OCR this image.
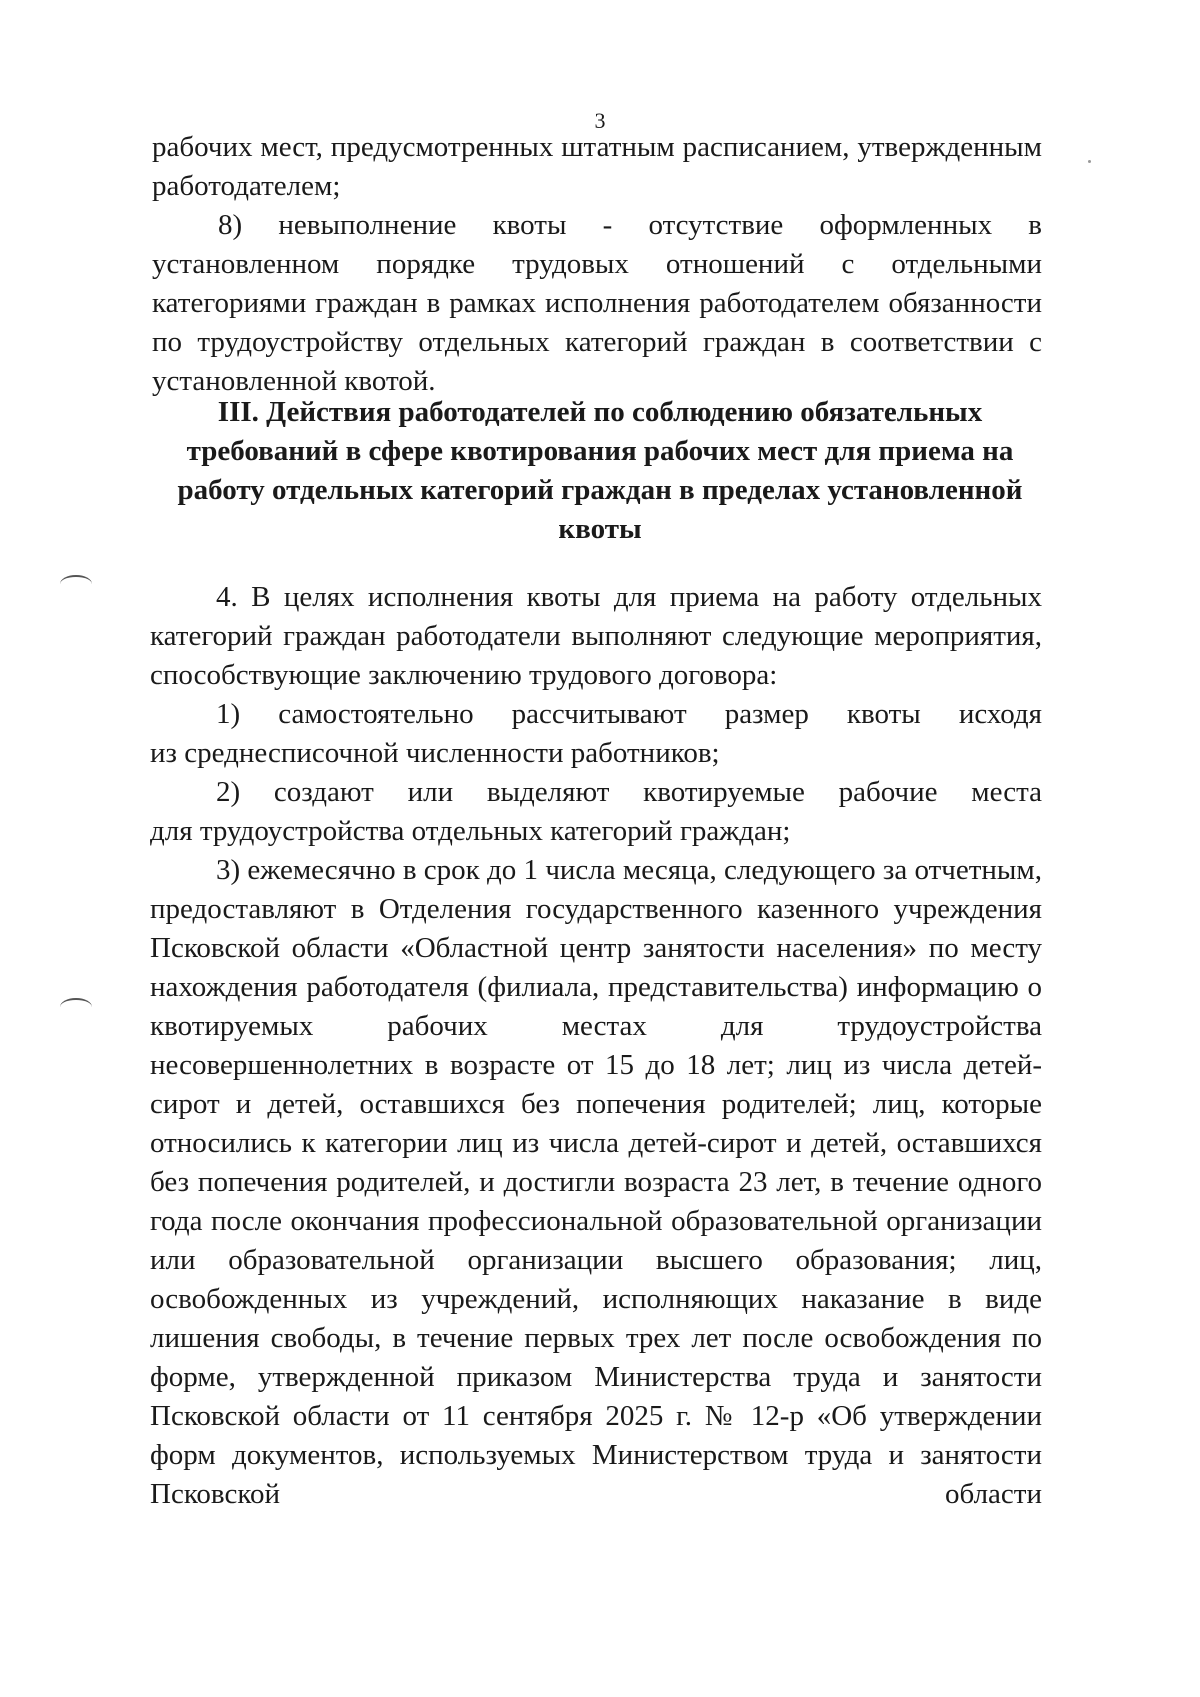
3

рабочих мест, предусмотренных штатным расписанием, утвержденным

работодателем;

8) невыполнение квоты - отсутствие оформленных в установленном порядке трудовых отношений с отдельными категориями граждан в рамках исполнения работодателем обязанности по трудоустройству отдельных категорий граждан в соответствии с установленной квотой.

III. Действия работодателей по соблюдению обязательных
требований в сфере квотирования рабочих мест для приема на
работу отдельных категорий граждан в пределах установленной
квоты

4. В целях исполнения квоты для приема на работу отдельных категорий граждан работодатели выполняют следующие мероприятия, способствующие заключению трудового договора:

1) самостоятельно рассчитывают размер квоты исходя

из среднесписочной численности работников;

2) создают или выделяют квотируемые рабочие места

для трудоустройства отдельных категорий граждан;

3) ежемесячно в срок до 1 числа месяца, следующего за отчетным, предоставляют в Отделения государственного казенного учреждения Псковской области «Областной центр занятости населения» по месту нахождения работодателя (филиала, представительства) информацию о квотируемых рабочих местах для трудоустройства несовершеннолетних в возрасте от 15 до 18 лет; лиц из числа детей-сирот и детей, оставшихся без попечения родителей; лиц, которые относились к категории лиц из числа детей-сирот и детей, оставшихся без попечения родителей, и достигли возраста 23 лет, в течение одного года после окончания профессиональной образовательной организации или образовательной организации высшего образования; лиц, освобожденных из учреждений, исполняющих наказание в виде лишения свободы, в течение первых трех лет после освобождения по форме, утвержденной приказом Министерства труда и занятости Псковской области от 11 сентября 2025 г. № 12-р «Об утверждении форм документов, используемых Министерством труда и занятости Псковской области
